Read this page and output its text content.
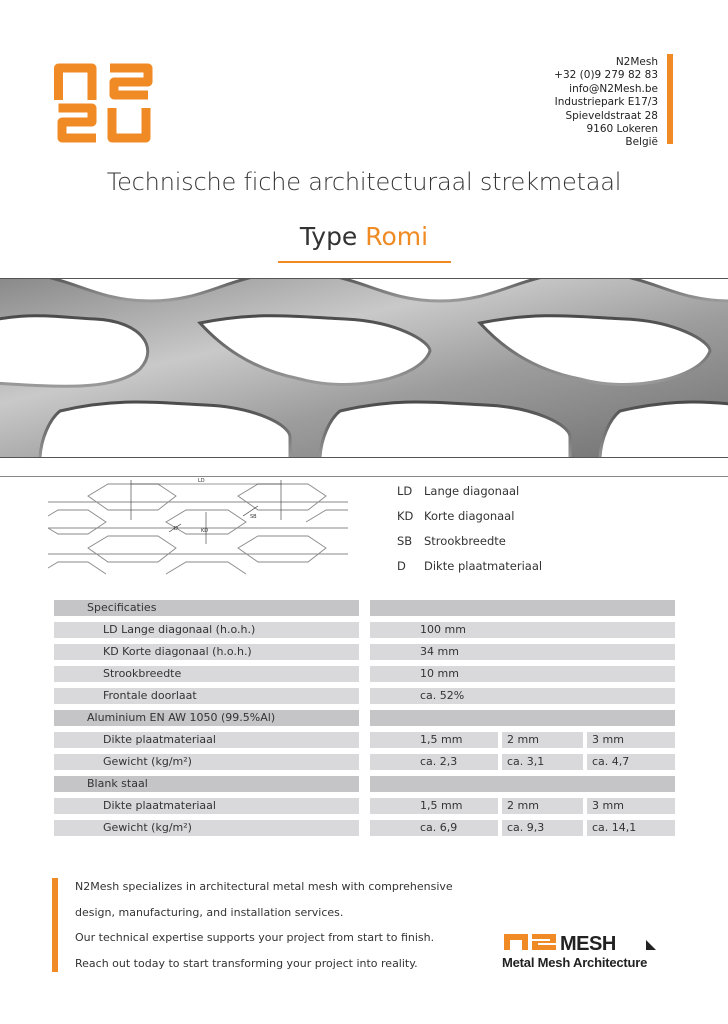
N2Mesh
+32 (0)9 279 82 83
info@N2Mesh.be
Industriepark E17/3
Spieveldstraat 28
9160 Lokeren
België
Technische fiche architecturaal strekmetaal
Type Romi
LD
KD
SB
D
LD	Lange diagonaal
KD Korte diagonaal
SB	Strookbreedte
D	Dikte plaatmateriaal
Specificaties
LD Lange diagonaal (h.o.h.)	100 mm
KD Korte diagonaal (h.o.h.)	34 mm
Strookbreedte	10 mm
Frontale doorlaat	ca. 52%
Aluminium EN AW 1050 (99.5%Al)
Dikte plaatmateriaal	1,5 mm	2 mm	3 mm
Gewicht (kg/m²)	ca. 2,3	ca. 3,1	ca. 4,7
Blank staal
Dikte plaatmateriaal	1,5 mm	2 mm	3 mm
Gewicht (kg/m²)	ca. 6,9	ca. 9,3	ca. 14,1
N2Mesh specializes in architectural metal mesh with comprehensive
design, manufacturing, and installation services.
Our technical expertise supports your project from start to finish.
Reach out today to start transforming your project into reality.
MESH
Metal Mesh Architecture
